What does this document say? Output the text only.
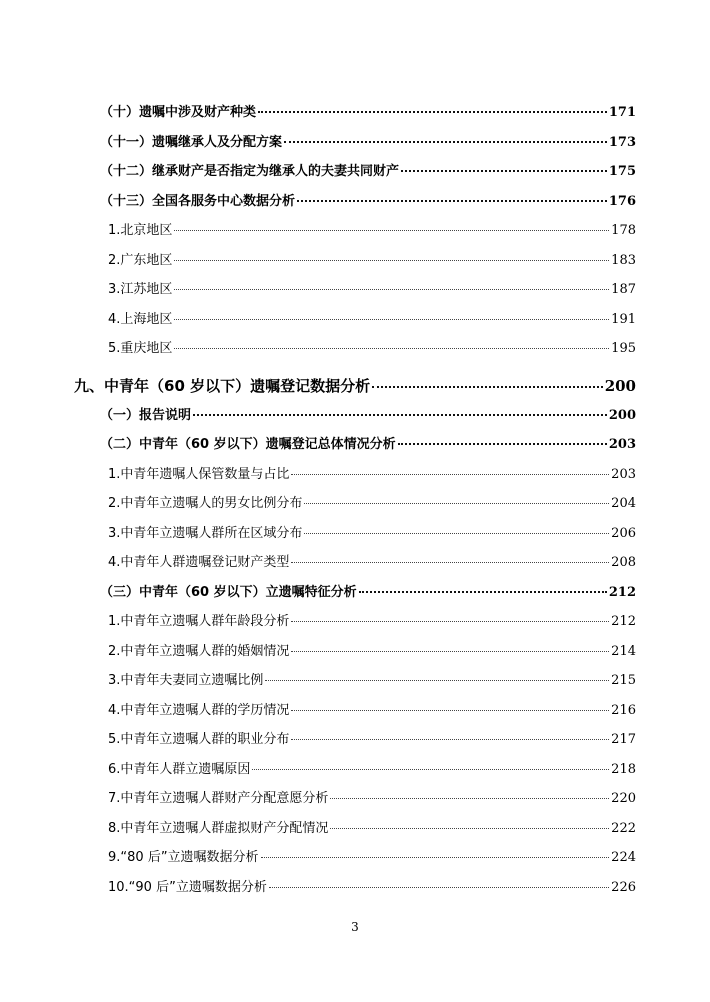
（十）遗嘱中涉及财产种类	171
（十一）遗嘱继承人及分配方案	173
（十二）继承财产是否指定为继承人的夫妻共同财产	175
（十三）全国各服务中心数据分析	176
1.北京地区	178
2.广东地区	183
3.江苏地区	187
4.上海地区	191
5.重庆地区	195
九、中青年（60 岁以下）遗嘱登记数据分析	200
（一）报告说明	200
（二）中青年（60 岁以下）遗嘱登记总体情况分析	203
1.中青年遗嘱人保管数量与占比	203
2.中青年立遗嘱人的男女比例分布	204
3.中青年立遗嘱人群所在区域分布	206
4.中青年人群遗嘱登记财产类型	208
（三）中青年（60 岁以下）立遗嘱特征分析	212
1.中青年立遗嘱人群年龄段分析	212
2.中青年立遗嘱人群的婚姻情况	214
3.中青年夫妻同立遗嘱比例	215
4.中青年立遗嘱人群的学历情况	216
5.中青年立遗嘱人群的职业分布	217
6.中青年人群立遗嘱原因	218
7.中青年立遗嘱人群财产分配意愿分析	220
8.中青年立遗嘱人群虚拟财产分配情况	222
9.“80 后”立遗嘱数据分析	224
10.“90 后”立遗嘱数据分析	226
3
